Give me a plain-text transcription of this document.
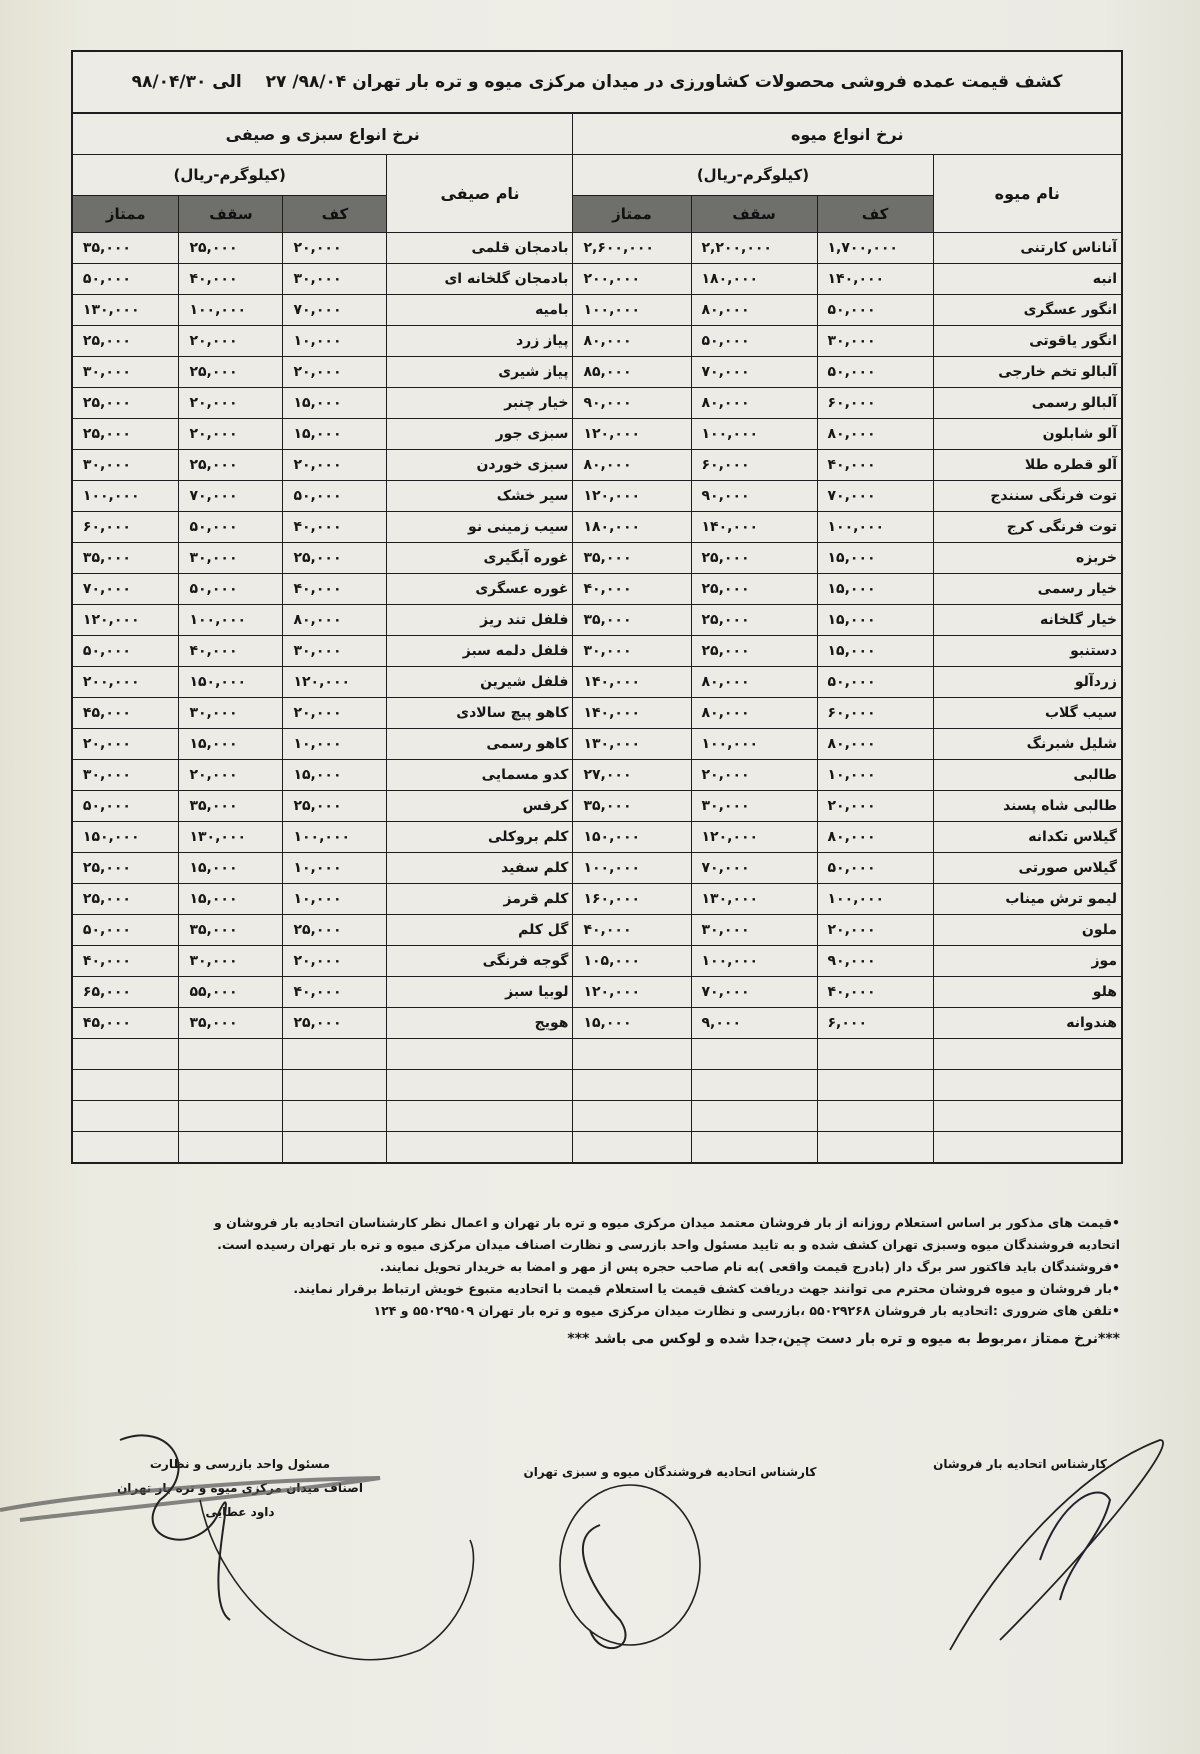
کشف قیمت عمده فروشی محصولات کشاورزی در میدان مرکزی میوه و تره بار تهران ۹۸/۰۴/ ۲۷
الی ۹۸/۰۴/۳۰
نرخ انواع میوه				نرخ انواع سبزی و صیفی			
نام میوه	(کیلوگرم-ریال)			نام صیفی	(کیلوگرم-ریال)		
	کف	سقف	ممتاز		کف	سقف	ممتاز
آناناس کارتنی	۱,۷۰۰,۰۰۰	۲,۲۰۰,۰۰۰	۲,۶۰۰,۰۰۰	بادمجان قلمی	۲۰,۰۰۰	۲۵,۰۰۰	۳۵,۰۰۰
انبه	۱۴۰,۰۰۰	۱۸۰,۰۰۰	۲۰۰,۰۰۰	بادمجان گلخانه ای	۳۰,۰۰۰	۴۰,۰۰۰	۵۰,۰۰۰
انگور عسگری	۵۰,۰۰۰	۸۰,۰۰۰	۱۰۰,۰۰۰	بامیه	۷۰,۰۰۰	۱۰۰,۰۰۰	۱۳۰,۰۰۰
انگور یاقوتی	۳۰,۰۰۰	۵۰,۰۰۰	۸۰,۰۰۰	پیاز زرد	۱۰,۰۰۰	۲۰,۰۰۰	۲۵,۰۰۰
آلبالو تخم خارجی	۵۰,۰۰۰	۷۰,۰۰۰	۸۵,۰۰۰	پیاز شیری	۲۰,۰۰۰	۲۵,۰۰۰	۳۰,۰۰۰
آلبالو رسمی	۶۰,۰۰۰	۸۰,۰۰۰	۹۰,۰۰۰	خیار چنبر	۱۵,۰۰۰	۲۰,۰۰۰	۲۵,۰۰۰
آلو شابلون	۸۰,۰۰۰	۱۰۰,۰۰۰	۱۲۰,۰۰۰	سبزی جور	۱۵,۰۰۰	۲۰,۰۰۰	۲۵,۰۰۰
آلو قطره طلا	۴۰,۰۰۰	۶۰,۰۰۰	۸۰,۰۰۰	سبزی خوردن	۲۰,۰۰۰	۲۵,۰۰۰	۳۰,۰۰۰
توت فرنگی سنندج	۷۰,۰۰۰	۹۰,۰۰۰	۱۲۰,۰۰۰	سیر خشک	۵۰,۰۰۰	۷۰,۰۰۰	۱۰۰,۰۰۰
توت فرنگی کرج	۱۰۰,۰۰۰	۱۴۰,۰۰۰	۱۸۰,۰۰۰	سیب زمینی نو	۴۰,۰۰۰	۵۰,۰۰۰	۶۰,۰۰۰
خربزه	۱۵,۰۰۰	۲۵,۰۰۰	۳۵,۰۰۰	غوره آبگیری	۲۵,۰۰۰	۳۰,۰۰۰	۳۵,۰۰۰
خیار رسمی	۱۵,۰۰۰	۲۵,۰۰۰	۴۰,۰۰۰	غوره عسگری	۴۰,۰۰۰	۵۰,۰۰۰	۷۰,۰۰۰
خیار گلخانه	۱۵,۰۰۰	۲۵,۰۰۰	۳۵,۰۰۰	فلفل تند ریز	۸۰,۰۰۰	۱۰۰,۰۰۰	۱۲۰,۰۰۰
دستنبو	۱۵,۰۰۰	۲۵,۰۰۰	۳۰,۰۰۰	فلفل دلمه سبز	۳۰,۰۰۰	۴۰,۰۰۰	۵۰,۰۰۰
زردآلو	۵۰,۰۰۰	۸۰,۰۰۰	۱۴۰,۰۰۰	فلفل شیرین	۱۲۰,۰۰۰	۱۵۰,۰۰۰	۲۰۰,۰۰۰
سیب گلاب	۶۰,۰۰۰	۸۰,۰۰۰	۱۴۰,۰۰۰	کاهو پیچ سالادی	۲۰,۰۰۰	۳۰,۰۰۰	۴۵,۰۰۰
شلیل شبرنگ	۸۰,۰۰۰	۱۰۰,۰۰۰	۱۳۰,۰۰۰	کاهو رسمی	۱۰,۰۰۰	۱۵,۰۰۰	۲۰,۰۰۰
طالبی	۱۰,۰۰۰	۲۰,۰۰۰	۲۷,۰۰۰	کدو مسمایی	۱۵,۰۰۰	۲۰,۰۰۰	۳۰,۰۰۰
طالبی شاه پسند	۲۰,۰۰۰	۳۰,۰۰۰	۳۵,۰۰۰	کرفس	۲۵,۰۰۰	۳۵,۰۰۰	۵۰,۰۰۰
گیلاس تکدانه	۸۰,۰۰۰	۱۲۰,۰۰۰	۱۵۰,۰۰۰	کلم بروکلی	۱۰۰,۰۰۰	۱۳۰,۰۰۰	۱۵۰,۰۰۰
گیلاس صورتی	۵۰,۰۰۰	۷۰,۰۰۰	۱۰۰,۰۰۰	کلم سفید	۱۰,۰۰۰	۱۵,۰۰۰	۲۵,۰۰۰
لیمو ترش میناب	۱۰۰,۰۰۰	۱۳۰,۰۰۰	۱۶۰,۰۰۰	کلم قرمز	۱۰,۰۰۰	۱۵,۰۰۰	۲۵,۰۰۰
ملون	۲۰,۰۰۰	۳۰,۰۰۰	۴۰,۰۰۰	گل کلم	۲۵,۰۰۰	۳۵,۰۰۰	۵۰,۰۰۰
موز	۹۰,۰۰۰	۱۰۰,۰۰۰	۱۰۵,۰۰۰	گوجه فرنگی	۲۰,۰۰۰	۳۰,۰۰۰	۴۰,۰۰۰
هلو	۴۰,۰۰۰	۷۰,۰۰۰	۱۲۰,۰۰۰	لوبیا سبز	۴۰,۰۰۰	۵۵,۰۰۰	۶۵,۰۰۰
هندوانه	۶,۰۰۰	۹,۰۰۰	۱۵,۰۰۰	هویج	۲۵,۰۰۰	۳۵,۰۰۰	۴۵,۰۰۰

•قیمت های مذکور بر اساس استعلام روزانه از بار فروشان معتمد میدان مرکزی میوه و تره بار تهران و اعمال نظر کارشناسان اتحادیه بار فروشان و اتحادیه فروشندگان میوه وسبزی تهران کشف شده و به تایید مسئول واحد بازرسی و نظارت اصناف میدان مرکزی میوه و تره بار تهران رسیده است.

•فروشندگان باید فاکتور سر برگ دار (بادرج قیمت واقعی )به نام صاحب حجره پس از مهر و امضا به خریدار تحویل نمایند.

•بار فروشان و میوه فروشان محترم می توانند جهت دریافت کشف قیمت یا استعلام قیمت با اتحادیه متبوع خویش ارتباط برقرار نمایند.

•تلفن های ضروری :اتحادیه بار فروشان ۵۵۰۲۹۲۶۸ ،بازرسی و نظارت میدان مرکزی میوه و تره بار تهران ۵۵۰۲۹۵۰۹ و ۱۲۴

***نرخ ممتاز ،مربوط به میوه و تره بار دست چین،جدا شده و لوکس می باشد ***

مسئول واحد بازرسی و نظارت
اصناف میدان مرکزی میوه و تره بار تهران
داود عطایی
کارشناس اتحادیه فروشندگان میوه و سبزی تهران
کارشناس اتحادیه بار فروشان
